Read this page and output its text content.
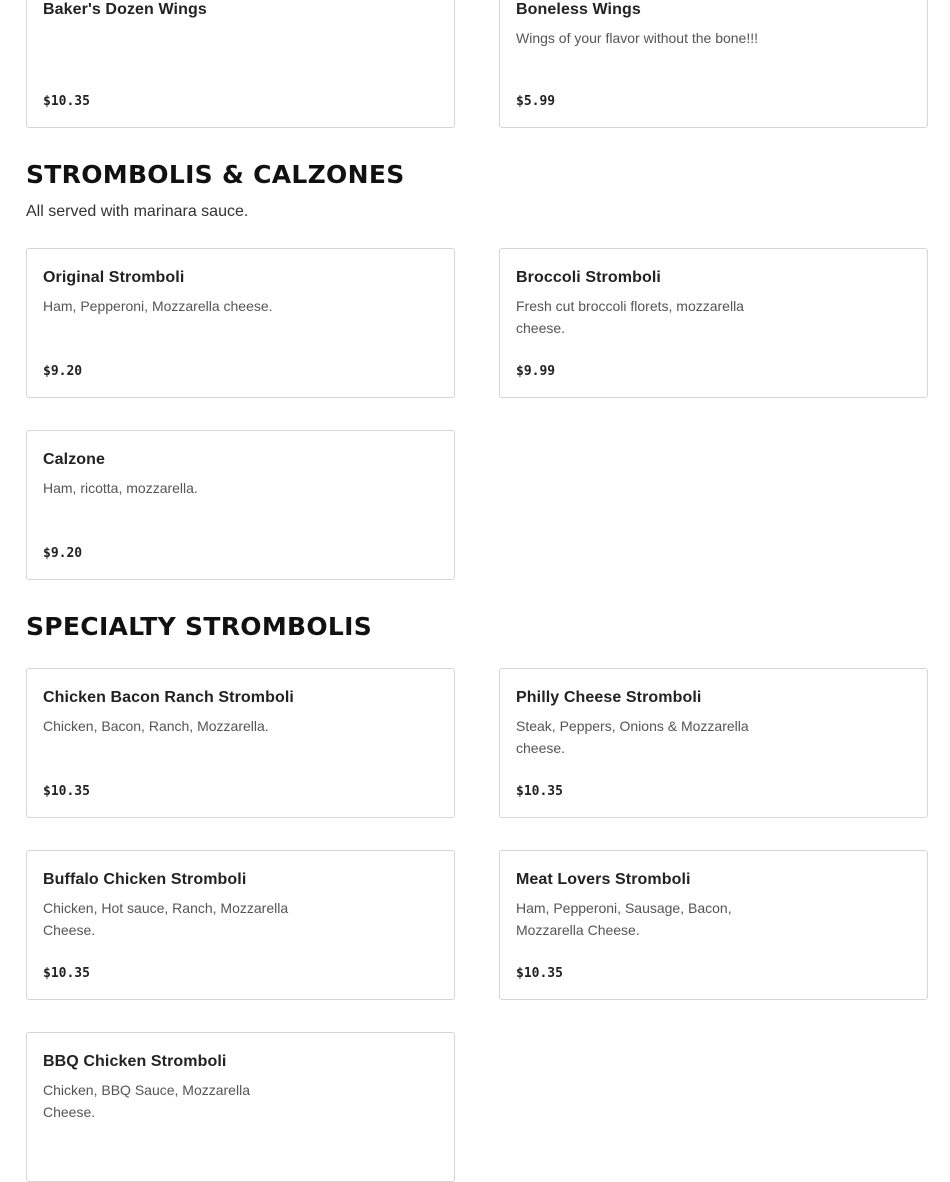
Baker's Dozen Wings
$10.35
Boneless Wings
Wings of your flavor without the bone!!!
$5.99
STROMBOLIS & CALZONES
All served with marinara sauce.
Original Stromboli
Ham, Pepperoni, Mozzarella cheese.
$9.20
Broccoli Stromboli
Fresh cut broccoli florets, mozzarella cheese.
$9.99
Calzone
Ham, ricotta, mozzarella.
$9.20
SPECIALTY STROMBOLIS
Chicken Bacon Ranch Stromboli
Chicken, Bacon, Ranch, Mozzarella.
$10.35
Philly Cheese Stromboli
Steak, Peppers, Onions & Mozzarella cheese.
$10.35
Buffalo Chicken Stromboli
Chicken, Hot sauce, Ranch, Mozzarella Cheese.
$10.35
Meat Lovers Stromboli
Ham, Pepperoni, Sausage, Bacon, Mozzarella Cheese.
$10.35
BBQ Chicken Stromboli
Chicken, BBQ Sauce, Mozzarella Cheese.
